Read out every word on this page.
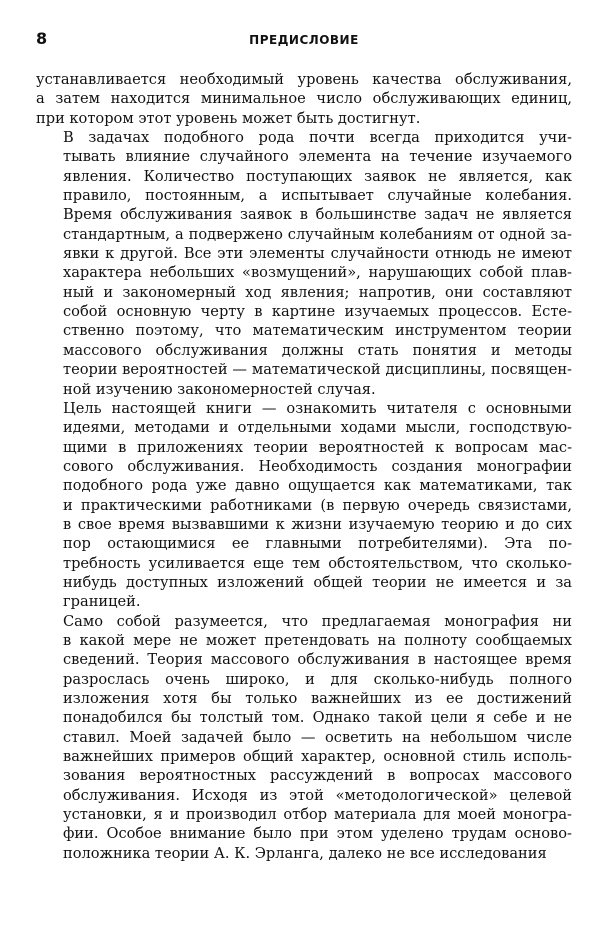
8	ПРЕДИСЛОВИЕ
устанавливается необходимый уровень качества обслуживания,
а затем находится минимальное число обслуживающих единиц,
при котором этот уровень может быть достигнут.
В задачах подобного рода почти всегда приходится учи-
тывать влияние случайного элемента на течение изучаемого
явления. Количество поступающих заявок не является, как
правило, постоянным, а испытывает случайные колебания.
Время обслуживания заявок в большинстве задач не является
стандартным, а подвержено случайным колебаниям от одной за-
явки к другой. Все эти элементы случайности отнюдь не имеют
характера небольших «возмущений», нарушающих собой плав-
ный и закономерный ход явления; напротив, они составляют
собой основную черту в картине изучаемых процессов. Есте-
ственно поэтому, что математическим инструментом теории
массового обслуживания должны стать понятия и методы
теории вероятностей — математической дисциплины, посвящен-
ной изучению закономерностей случая.
Цель настоящей книги — ознакомить читателя с основными
идеями, методами и отдельными ходами мысли, господствую-
щими в приложениях теории вероятностей к вопросам мас-
сового обслуживания. Необходимость создания монографии
подобного рода уже давно ощущается как математиками, так
и практическими работниками (в первую очередь связистами,
в свое время вызвавшими к жизни изучаемую теорию и до сих
пор остающимися ее главными потребителями). Эта по-
требность усиливается еще тем обстоятельством, что сколько-
нибудь доступных изложений общей теории не имеется и за
границей.
Само собой разумеется, что предлагаемая монография ни
в какой мере не может претендовать на полноту сообщаемых
сведений. Теория массового обслуживания в настоящее время
разрослась очень широко, и для сколько-нибудь полного
изложения хотя бы только важнейших из ее достижений
понадобился бы толстый том. Однако такой цели я себе и не
ставил. Моей задачей было — осветить на небольшом числе
важнейших примеров общий характер, основной стиль исполь-
зования вероятностных рассуждений в вопросах массового
обслуживания. Исходя из этой «методологической» целевой
установки, я и производил отбор материала для моей моногра-
фии. Особое внимание было при этом уделено трудам осново-
положника теории А. К. Эрланга, далеко не все исследования
